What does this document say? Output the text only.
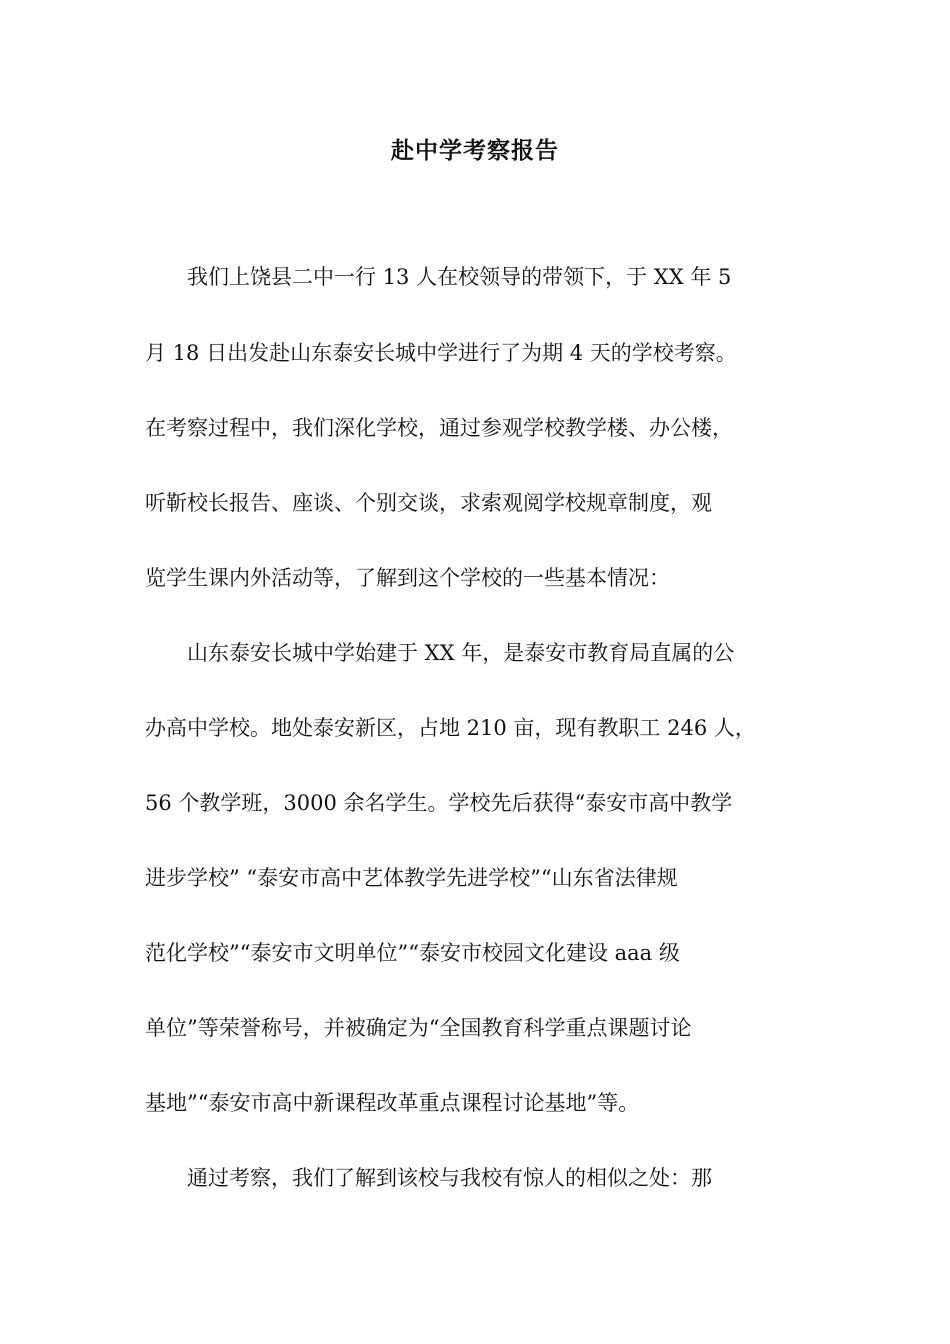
赴中学考察报告
　　我们上饶县二中一行 13 人在校领导的带领下，于 XX 年 5
月 18 日出发赴山东泰安长城中学进行了为期 4 天的学校考察。
在考察过程中，我们深化学校，通过参观学校教学楼、办公楼，
听靳校长报告、座谈、个别交谈，求索观阅学校规章制度，观
览学生课内外活动等，了解到这个学校的一些基本情况：
　　山东泰安长城中学始建于 XX 年，是泰安市教育局直属的公
办高中学校。地处泰安新区，占地 210 亩，现有教职工 246 人，
56 个教学班，3000 余名学生。学校先后获得“泰安市高中教学
进步学校” “泰安市高中艺体教学先进学校”“山东省法律规
范化学校”“泰安市文明单位”“泰安市校园文化建设 aaa 级
单位”等荣誉称号，并被确定为“全国教育科学重点课题讨论
基地”“泰安市高中新课程改革重点课程讨论基地”等。
　　通过考察，我们了解到该校与我校有惊人的相似之处：那
